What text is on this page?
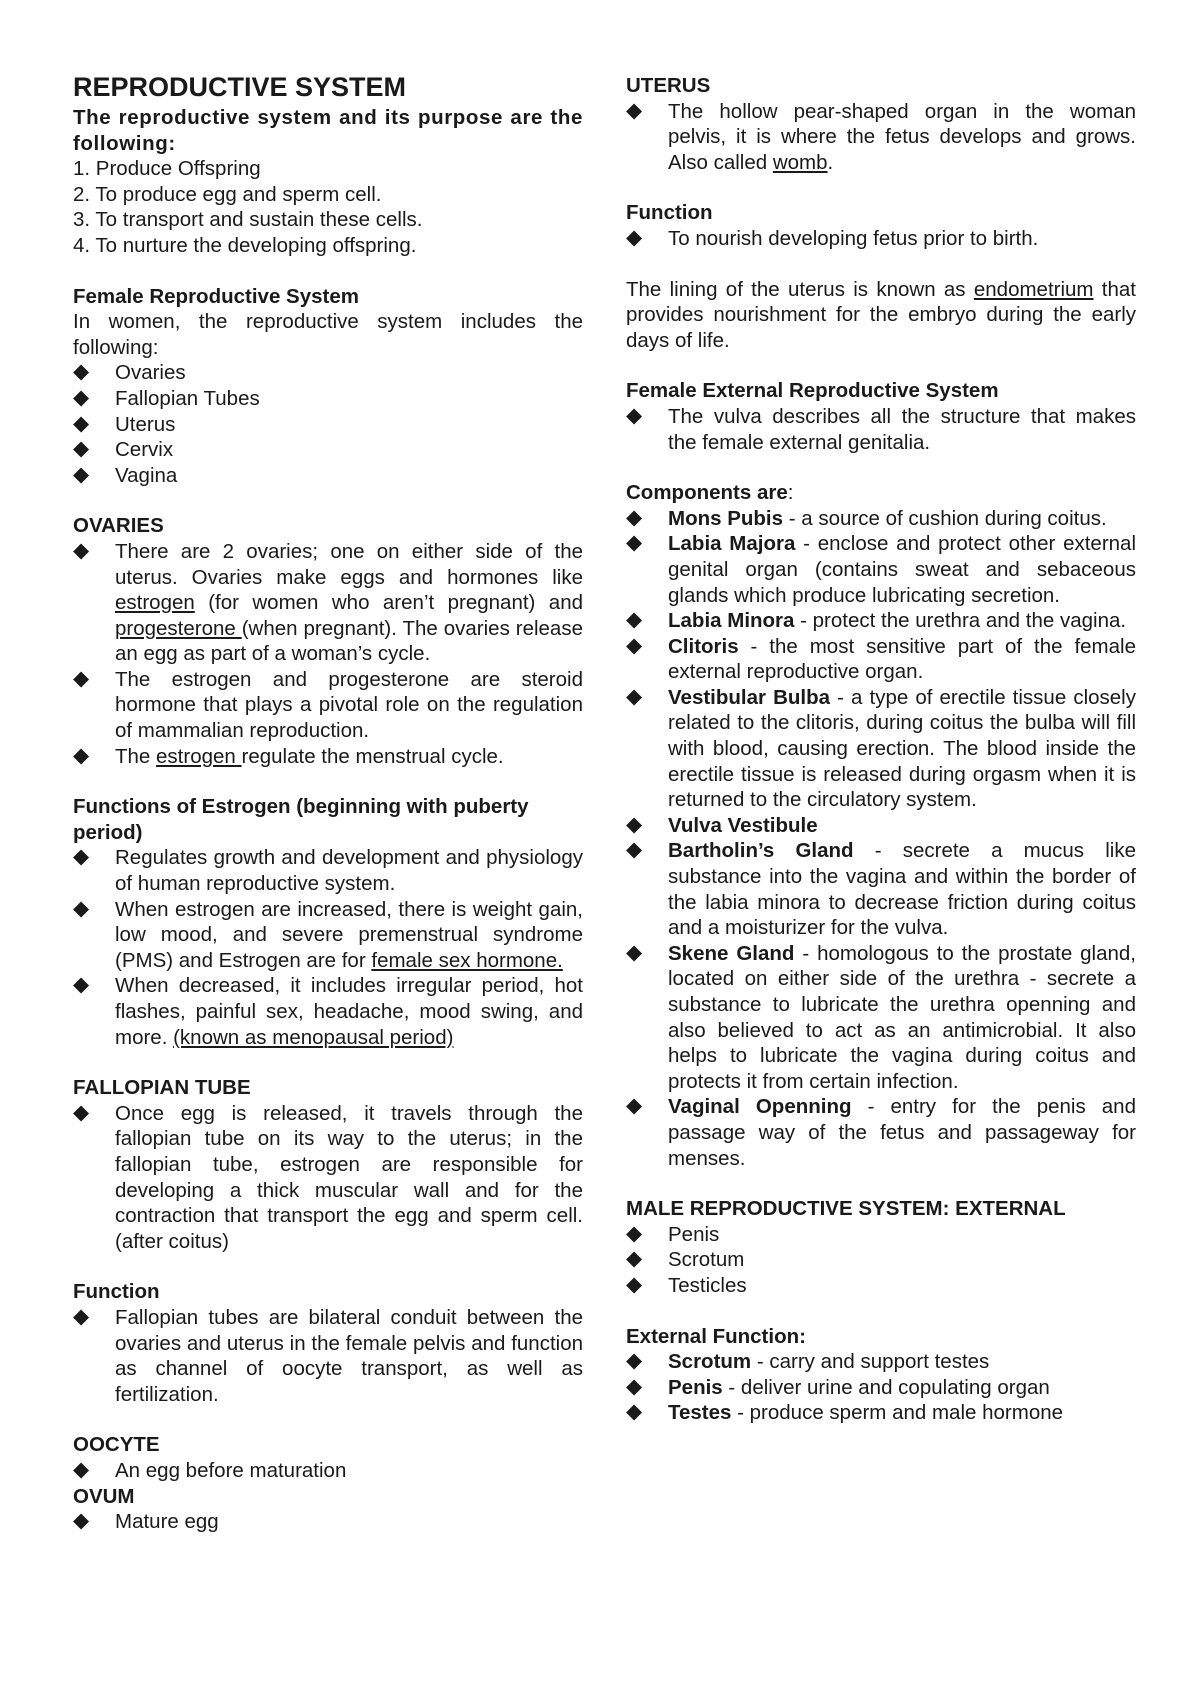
REPRODUCTIVE SYSTEM

The reproductive system and its purpose are the following:

1. Produce Offspring
2. To produce egg and sperm cell.
3. To transport and sustain these cells.
4. To nurture the developing offspring.

Female Reproductive System

In women, the reproductive system includes the following:

◆ Ovaries
◆ Fallopian Tubes
◆ Uterus
◆ Cervix
◆ Vagina

OVARIES

◆ There are 2 ovaries; one on either side of the uterus. Ovaries make eggs and hormones like estrogen (for women who aren’t pregnant) and progesterone (when pregnant). The ovaries release an egg as part of a woman’s cycle.
◆ The estrogen and progesterone are steroid hormone that plays a pivotal role on the regulation of mammalian reproduction.
◆ The estrogen regulate the menstrual cycle.

Functions of Estrogen (beginning with puberty period)

◆ Regulates growth and development and physiology of human reproductive system.
◆ When estrogen are increased, there is weight gain, low mood, and severe premenstrual syndrome (PMS) and Estrogen are for female sex hormone.
◆ When decreased, it includes irregular period, hot flashes, painful sex, headache, mood swing, and more. (known as menopausal period)

FALLOPIAN TUBE

◆ Once egg is released, it travels through the fallopian tube on its way to the uterus; in the fallopian tube, estrogen are responsible for developing a thick muscular wall and for the contraction that transport the egg and sperm cell. (after coitus)

Function

◆ Fallopian tubes are bilateral conduit between the ovaries and uterus in the female pelvis and function as channel of oocyte transport, as well as fertilization.

OOCYTE

◆ An egg before maturation

OVUM

◆ Mature egg

UTERUS

◆ The hollow pear-shaped organ in the woman pelvis, it is where the fetus develops and grows. Also called womb.

Function

◆ To nourish developing fetus prior to birth.

The lining of the uterus is known as endometrium that provides nourishment for the embryo during the early days of life.

Female External Reproductive System

◆ The vulva describes all the structure that makes the female external genitalia.

Components are:

◆ Mons Pubis - a source of cushion during coitus.
◆ Labia Majora - enclose and protect other external genital organ (contains sweat and sebaceous glands which produce lubricating secretion.
◆ Labia Minora - protect the urethra and the vagina.
◆ Clitoris - the most sensitive part of the female external reproductive organ.
◆ Vestibular Bulba - a type of erectile tissue closely related to the clitoris, during coitus the bulba will fill with blood, causing erection. The blood inside the erectile tissue is released during orgasm when it is returned to the circulatory system.
◆ Vulva Vestibule
◆ Bartholin’s Gland - secrete a mucus like substance into the vagina and within the border of the labia minora to decrease friction during coitus and a moisturizer for the vulva.
◆ Skene Gland - homologous to the prostate gland, located on either side of the urethra - secrete a substance to lubricate the urethra openning and also believed to act as an antimicrobial. It also helps to lubricate the vagina during coitus and protects it from certain infection.
◆ Vaginal Openning - entry for the penis and passage way of the fetus and passageway for menses.

MALE REPRODUCTIVE SYSTEM: EXTERNAL

◆ Penis
◆ Scrotum
◆ Testicles

External Function:

◆ Scrotum - carry and support testes
◆ Penis - deliver urine and copulating organ
◆ Testes - produce sperm and male hormone
